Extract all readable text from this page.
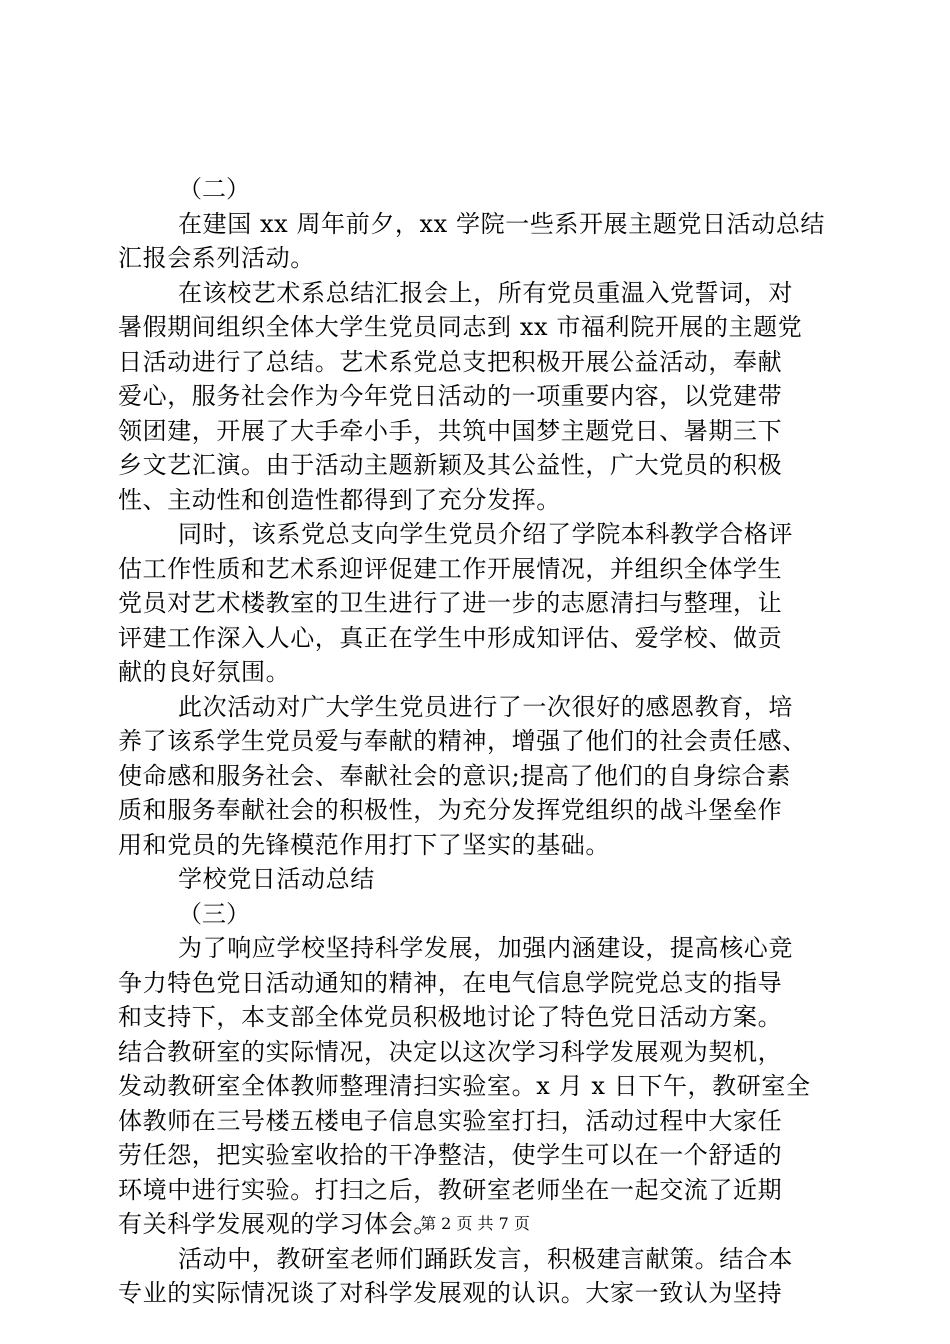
（二）
在建国 xx 周年前夕，xx 学院一些系开展主题党日活动总结
汇报会系列活动。
在该校艺术系总结汇报会上，所有党员重温入党誓词，对
暑假期间组织全体大学生党员同志到 xx 市福利院开展的主题党
日活动进行了总结。艺术系党总支把积极开展公益活动，奉献
爱心，服务社会作为今年党日活动的一项重要内容，以党建带
领团建，开展了大手牵小手，共筑中国梦主题党日、暑期三下
乡文艺汇演。由于活动主题新颖及其公益性，广大党员的积极
性、主动性和创造性都得到了充分发挥。
同时，该系党总支向学生党员介绍了学院本科教学合格评
估工作性质和艺术系迎评促建工作开展情况，并组织全体学生
党员对艺术楼教室的卫生进行了进一步的志愿清扫与整理，让
评建工作深入人心，真正在学生中形成知评估、爱学校、做贡
献的良好氛围。
此次活动对广大学生党员进行了一次很好的感恩教育，培
养了该系学生党员爱与奉献的精神，增强了他们的社会责任感、
使命感和服务社会、奉献社会的意识;提高了他们的自身综合素
质和服务奉献社会的积极性，为充分发挥党组织的战斗堡垒作
用和党员的先锋模范作用打下了坚实的基础。
学校党日活动总结
（三）
为了响应学校坚持科学发展，加强内涵建设，提高核心竞
争力特色党日活动通知的精神，在电气信息学院党总支的指导
和支持下，本支部全体党员积极地讨论了特色党日活动方案。
结合教研室的实际情况，决定以这次学习科学发展观为契机，
发动教研室全体教师整理清扫实验室。x 月 x 日下午，教研室全
体教师在三号楼五楼电子信息实验室打扫，活动过程中大家任
劳任怨，把实验室收拾的干净整洁，使学生可以在一个舒适的
环境中进行实验。打扫之后，教研室老师坐在一起交流了近期
有关科学发展观的学习体会。
活动中，教研室老师们踊跃发言，积极建言献策。结合本
专业的实际情况谈了对科学发展观的认识。大家一致认为坚持
第 2 页 共 7 页
